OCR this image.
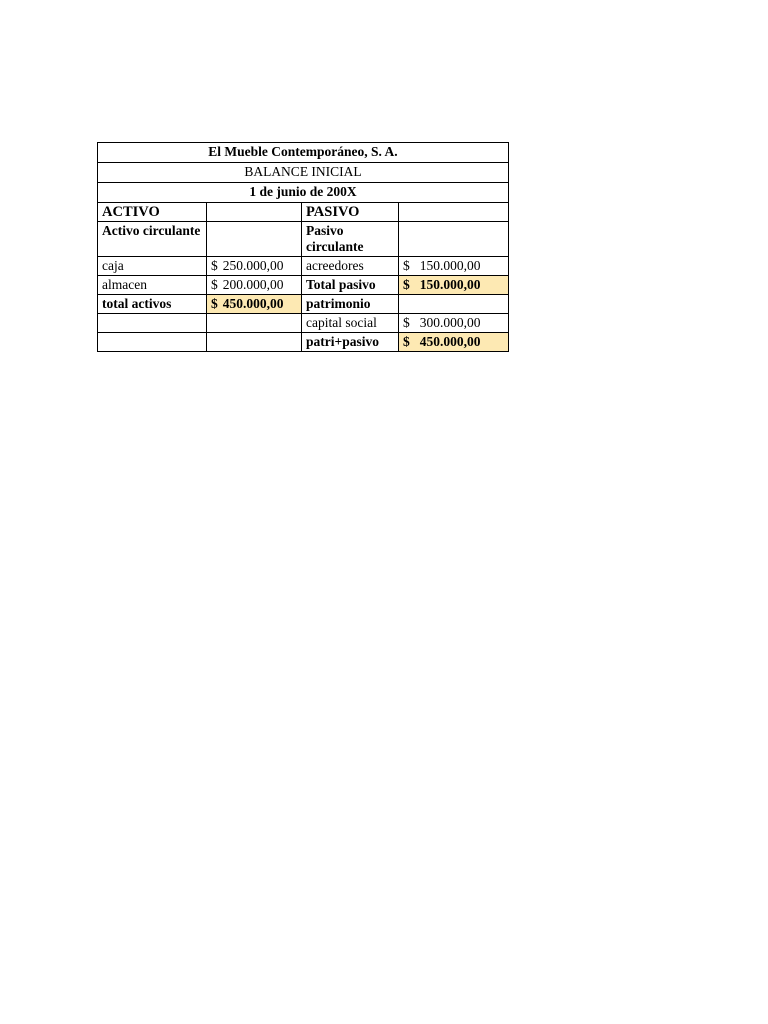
El Mueble Contemporáneo, S. A.			
BALANCE INICIAL			
1 de junio de 200X			
ACTIVO		PASIVO	
Activo circulante		Pasivo circulante	
caja	$ 250.000,00	acreedores	$ 150.000,00

almacen	$ 200.000,00	Total pasivo	$ 150.000,00

total activos	$ 450.000,00	patrimonio	
		capital social	$ 300.000,00

		patri+pasivo	$ 450.000,00
